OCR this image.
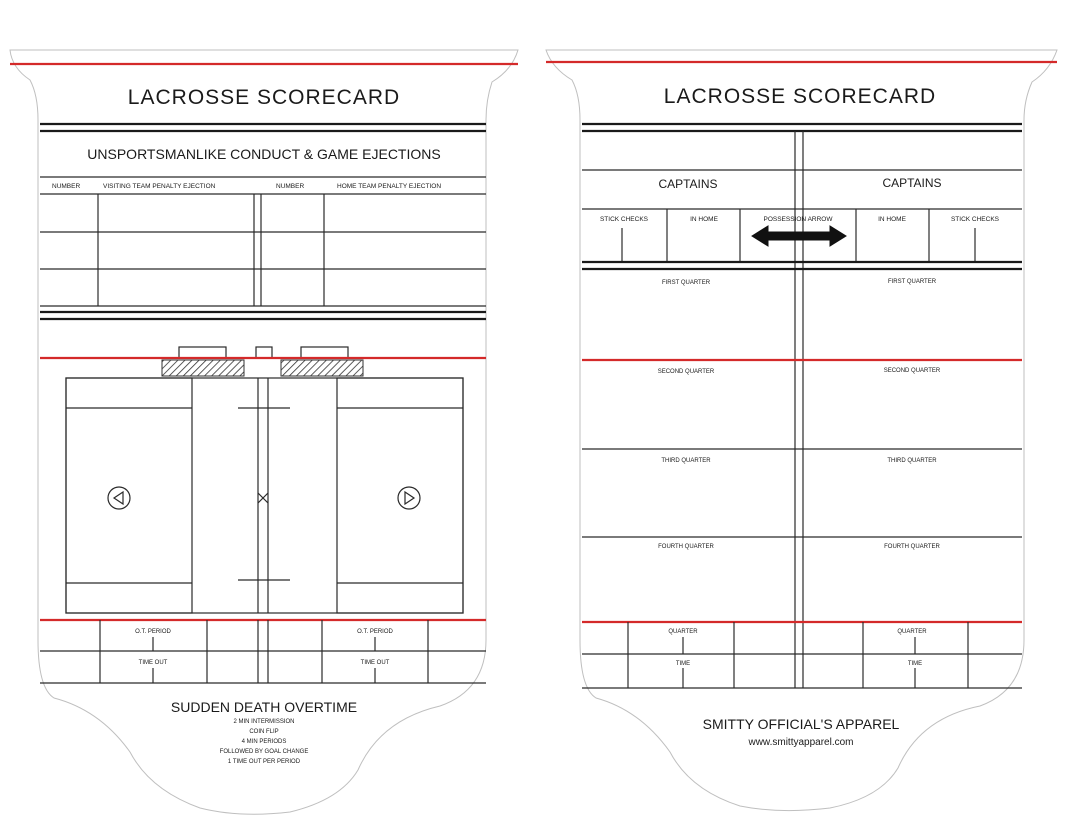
LACROSSE SCORECARD
UNSPORTSMANLIKE CONDUCT & GAME EJECTIONS
NUMBER	VISITING TEAM PENALTY EJECTION	NUMBER	HOME TEAM PENALTY EJECTION
O.T. PERIOD	O.T. PERIOD
TIME OUT	TIME OUT
SUDDEN DEATH OVERTIME
2 MIN INTERMISSION
COIN FLIP
4 MIN PERIODS
FOLLOWED BY GOAL CHANGE
1 TIME OUT PER PERIOD
LACROSSE SCORECARD
CAPTAINS	CAPTAINS
STICK CHECKS	IN HOME	POSSESSION ARROW	IN HOME	STICK CHECKS
FIRST QUARTER	FIRST QUARTER
SECOND QUARTER	SECOND QUARTER
THIRD QUARTER	THIRD QUARTER
FOURTH QUARTER	FOURTH QUARTER
QUARTER	QUARTER
TIME	TIME
SMITTY OFFICIAL'S APPAREL
www.smittyapparel.com
